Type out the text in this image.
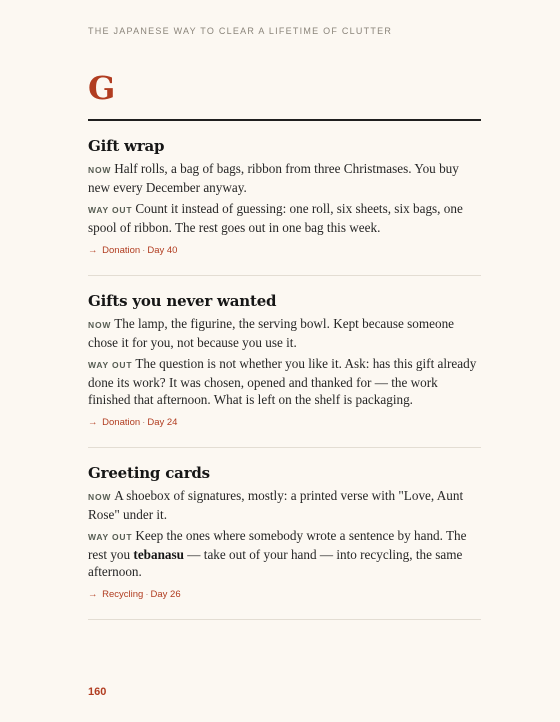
THE JAPANESE WAY TO CLEAR A LIFETIME OF CLUTTER
G
Gift wrap

NOW Half rolls, a bag of bags, ribbon from three Christmases. You buy new every December anyway.

WAY OUT Count it instead of guessing: one roll, six sheets, six bags, one spool of ribbon. The rest goes out in one bag this week.

→ Donation · Day 40
Gifts you never wanted

NOW The lamp, the figurine, the serving bowl. Kept because someone chose it for you, not because you use it.

WAY OUT The question is not whether you like it. Ask: has this gift already done its work? It was chosen, opened and thanked for — the work finished that afternoon. What is left on the shelf is packaging.

→ Donation · Day 24
Greeting cards

NOW A shoebox of signatures, mostly: a printed verse with "Love, Aunt Rose" under it.

WAY OUT Keep the ones where somebody wrote a sentence by hand. The rest you tebanasu — take out of your hand — into recycling, the same afternoon.

→ Recycling · Day 26
160
